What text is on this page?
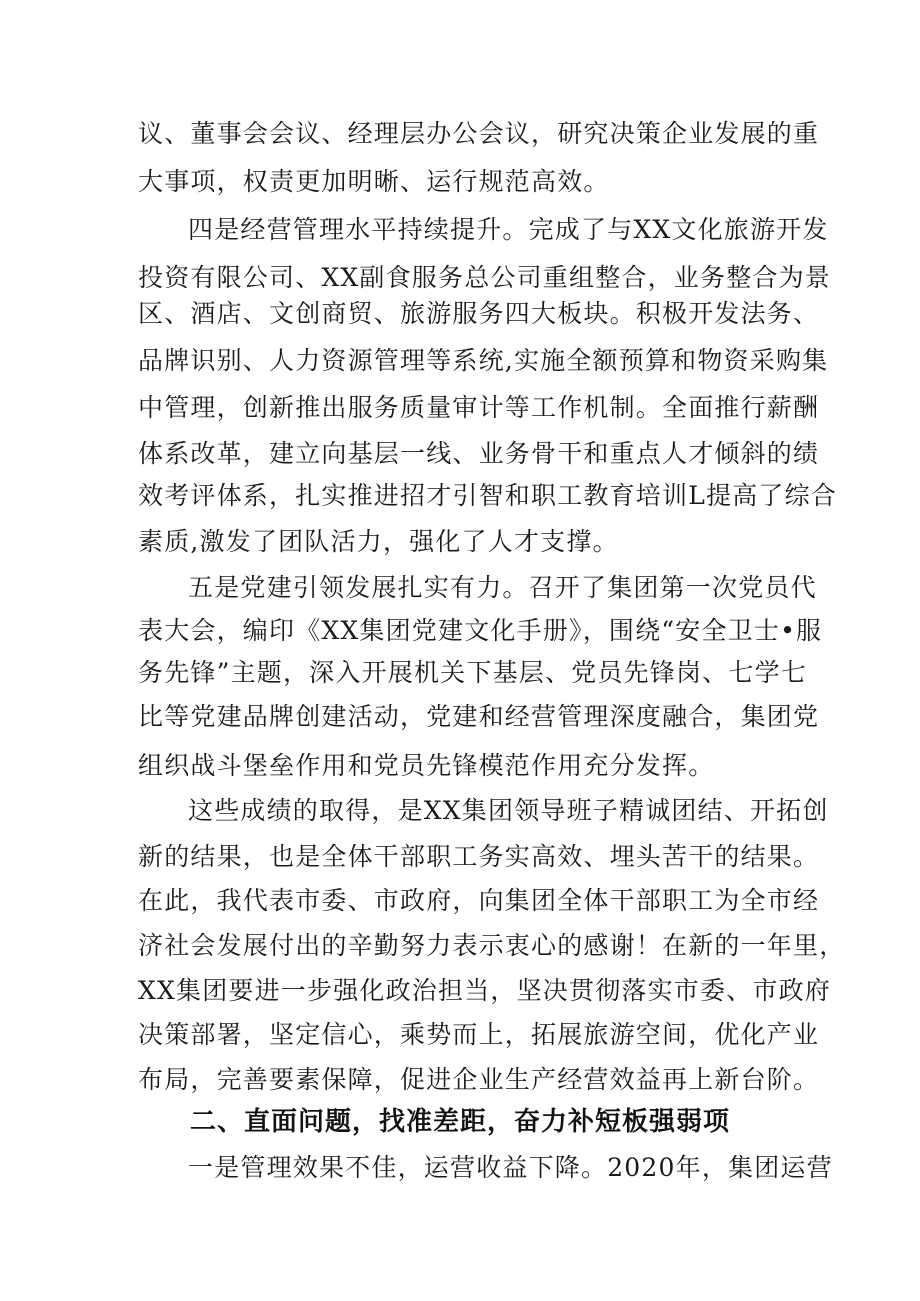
议、董事会会议、经理层办公会议，研究决策企业发展的重

大事项，权责更加明晰、运行规范高效。

四是经营管理水平持续提升。完成了与XX文化旅游开发

投资有限公司、XX副食服务总公司重组整合，业务整合为景

区、酒店、文创商贸、旅游服务四大板块。积极开发法务、

品牌识别、人力资源管理等系统,实施全额预算和物资采购集

中管理，创新推出服务质量审计等工作机制。全面推行薪酬

体系改革，建立向基层一线、业务骨干和重点人才倾斜的绩

效考评体系，扎实推进招才引智和职工教育培训L提高了综合

素质,激发了团队活力，强化了人才支撑。

五是党建引领发展扎实有力。召开了集团第一次党员代

表大会，编印《XX集团党建文化手册》，围绕“安全卫士•服

务先锋”主题，深入开展机关下基层、党员先锋岗、七学七

比等党建品牌创建活动，党建和经营管理深度融合，集团党

组织战斗堡垒作用和党员先锋模范作用充分发挥。

这些成绩的取得，是XX集团领导班子精诚团结、开拓创

新的结果，也是全体干部职工务实高效、埋头苦干的结果。

在此，我代表市委、市政府，向集团全体干部职工为全市经

济社会发展付出的辛勤努力表示衷心的感谢！在新的一年里，

XX集团要进一步强化政治担当，坚决贯彻落实市委、市政府

决策部署，坚定信心，乘势而上，拓展旅游空间，优化产业

布局，完善要素保障，促进企业生产经营效益再上新台阶。

二、直面问题，找准差距，奋力补短板强弱项

一是管理效果不佳，运营收益下降。2020年，集团运营
